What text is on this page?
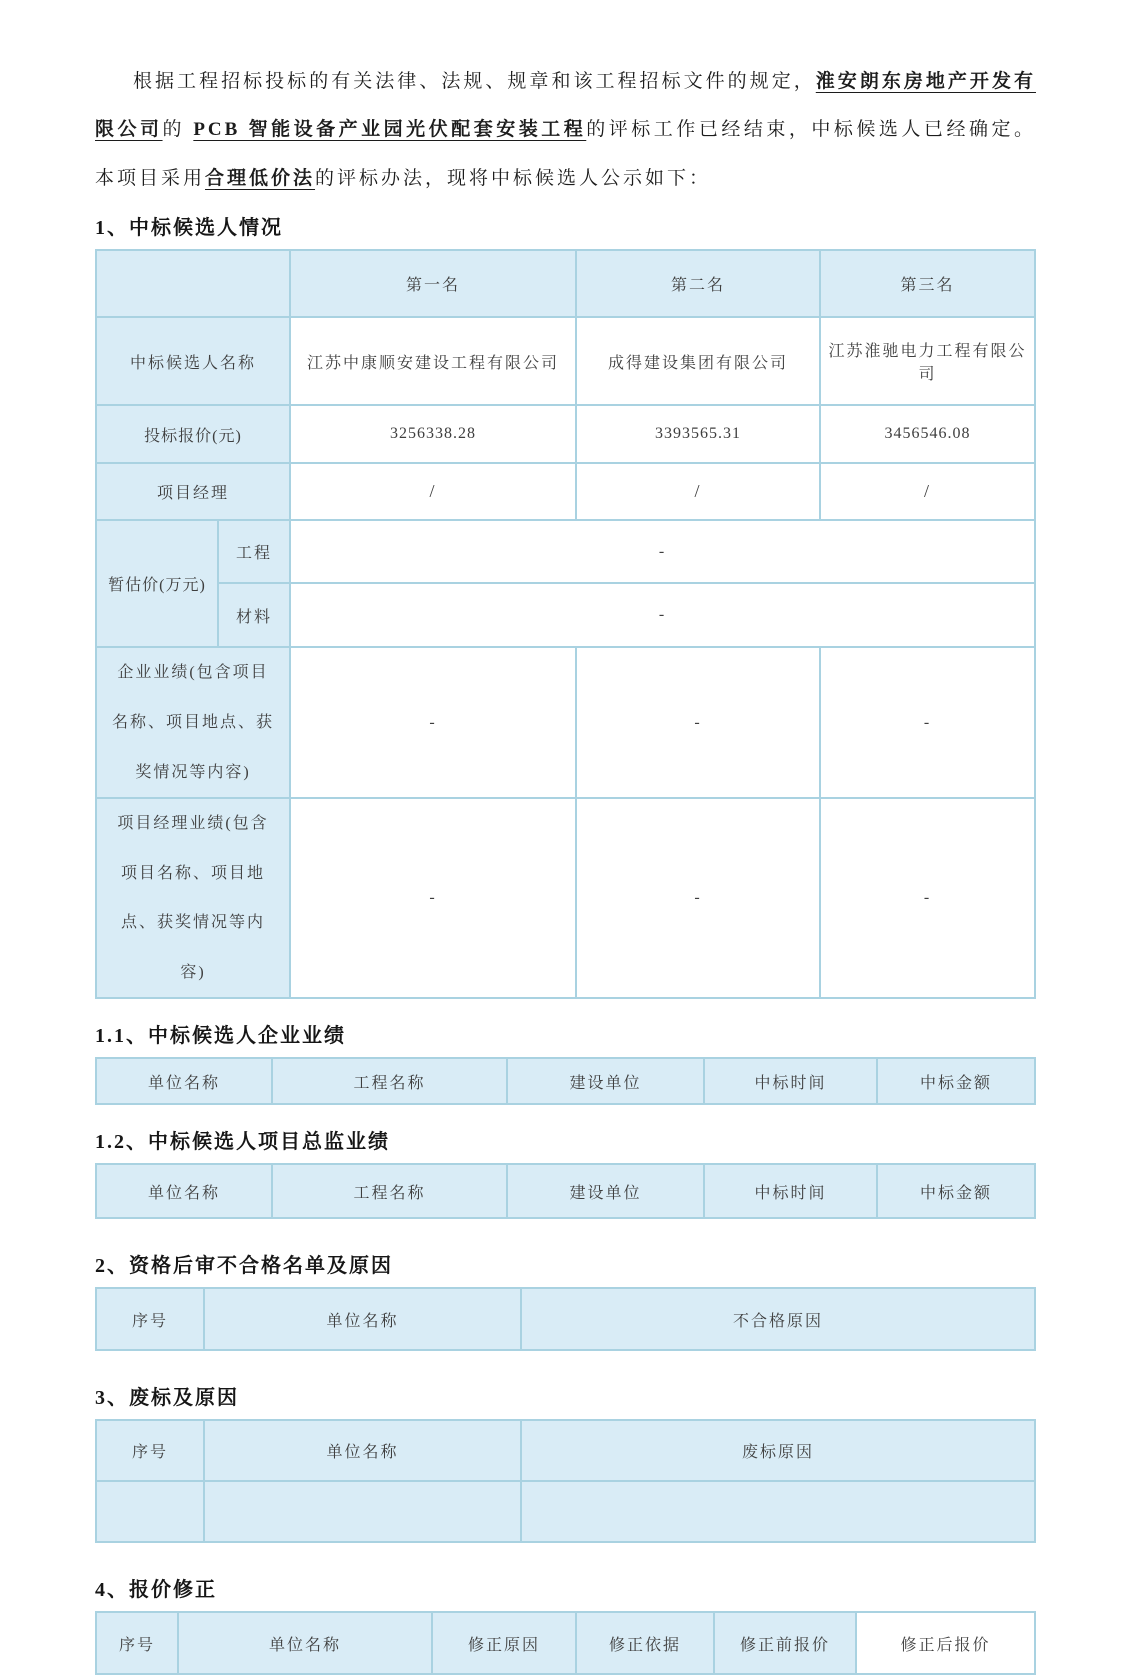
根据工程招标投标的有关法律、法规、规章和该工程招标文件的规定，淮安朗东房地产开发有限公司的 PCB 智能设备产业园光伏配套安装工程的评标工作已经结束，中标候选人已经确定。本项目采用合理低价法的评标办法，现将中标候选人公示如下：

1、中标候选人情况
		第一名	第二名	第三名
中标候选人名称		江苏中康顺安建设工程有限公司	成得建设集团有限公司	江苏淮驰电力工程有限公司
投标报价(元)		3256338.28	3393565.31	3456546.08
项目经理		/	/	/
暂估价(万元)	工程	-		
	材料	-		
企业业绩(包含项目名称、项目地点、获奖情况等内容)		-	-	-
项目经理业绩(包含项目名称、项目地点、获奖情况等内容)		-	-	-
1.1、中标候选人企业业绩
单位名称	工程名称	建设单位	中标时间	中标金额
1.2、中标候选人项目总监业绩
单位名称	工程名称	建设单位	中标时间	中标金额
2、资格后审不合格名单及原因
序号	单位名称	不合格原因
3、废标及原因
序号	单位名称	废标原因

4、报价修正
序号	单位名称	修正原因	修正依据	修正前报价	修正后报价
